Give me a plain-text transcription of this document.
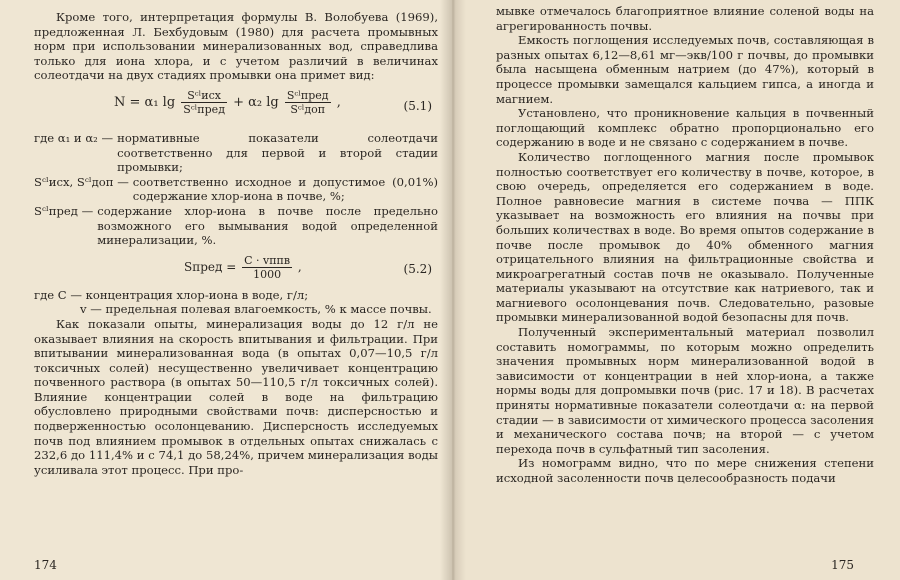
Кроме того, интерпретация формулы В. Волобуева (1969), предложенная Л. Бехбудовым (1980) для расчета промывных норм при использовании минерализованных вод, справедлива только для иона хлора, и с учетом различий в величинах солеотдачи на двух стадиях промывки она примет вид:

N = α₁ $\lg \frac{\text{Sᶜˡисх}}{\text{Sᶜˡпред}} + \alpha_2$ $\lg \frac{\text{Sᶜˡпред}}{\text{Sᶜˡдоп}}$ ,	(5.1)
где α₁ и α₂ — нормативные показатели солеотдачи соответственно для первой и второй стадии промывки;
Sᶜˡисх, Sᶜˡдоп — соответственно исходное и допустимое (0,01%) содержание хлор-иона в почве, %;
Sᶜˡпред — содержание хлор-иона в почве после предельно возможного его вымывания водой определенной минерализации, %.
Sпред = $\frac{\text{C · vппв}}{1000}$ ,	(5.2)

где C — концентрация хлор-иона в воде, г/л;

v — предельная полевая влагоемкость, % к массе почвы.

Как показали опыты, минерализация воды до 12 г/л не оказывает влияния на скорость впитывания и фильтрации. При впитывании минерализованная вода (в опытах 0,07—10,5 г/л токсичных солей) несущественно увеличивает концентрацию почвенного раствора (в опытах 50—110,5 г/л токсичных солей). Влияние концентрации солей в воде на фильтрацию обусловлено природными свойствами почв: дисперсностью и подверженностью осолонцеванию. Дисперсность исследуемых почв под влиянием промывок в отдельных опытах снижалась с 232,6 до 111,4% и с 74,1 до 58,24%, причем минерализация воды усиливала этот процесс. При про-

174

мывке отмечалось благоприятное влияние соленой воды на агрегированность почвы.

Емкость поглощения исследуемых почв, составляющая в разных опытах 6,12—8,61 мг—экв/100 г почвы, до промывки была насыщена обменным натрием (до 47%), который в процессе промывки замещался кальцием гипса, а иногда и магнием.

Установлено, что проникновение кальция в почвенный поглощающий комплекс обратно пропорционально его содержанию в воде и не связано с содержанием в почве.

Количество поглощенного магния после промывок полностью соответствует его количеству в почве, которое, в свою очередь, определяется его содержанием в воде. Полное равновесие магния в системе почва — ППК указывает на возможность его влияния на почвы при больших количествах в воде. Во время опытов содержание в почве после промывок до 40% обменного магния отрицательного влияния на фильтрационные свойства и микроагрегатный состав почв не оказывало. Полученные материалы указывают на отсутствие как натриевого, так и магниевого осолонцевания почв. Следовательно, разовые промывки минерализованной водой безопасны для почв.

Полученный экспериментальный материал позволил составить номограммы, по которым можно определить значения промывных норм минерализованной водой в зависимости от концентрации в ней хлор-иона, а также нормы воды для допромывки почв (рис. 17 и 18). В расчетах приняты нормативные показатели солеотдачи α: на первой стадии — в зависимости от химического процесса засоления и механического состава почв; на второй — с учетом перехода почв в сульфатный тип засоления.

Из номограмм видно, что по мере снижения степени исходной засоленности почв целесообразность подачи

175
